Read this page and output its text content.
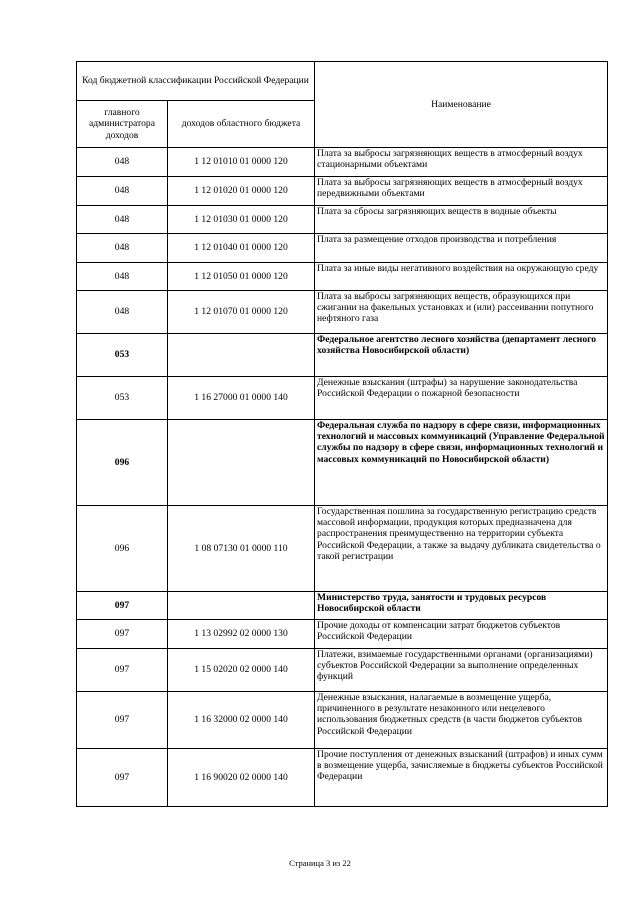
Код бюджетной классификации Российской Федерации		Наименование
главного администратора доходов	доходов областного бюджета	
048	1 12 01010 01 0000 120	Плата за выбросы загрязняющих веществ в атмосферный воздух стационарными объектами
048	1 12 01020 01 0000 120	Плата за выбросы загрязняющих веществ в атмосферный воздух передвижными объектами
048	1 12 01030 01 0000 120	Плата за сбросы загрязняющих веществ в водные объекты
048	1 12 01040 01 0000 120	Плата за размещение отходов производства и потребления
048	1 12 01050 01 0000 120	Плата за иные виды негативного воздействия на окружающую среду
048	1 12 01070 01 0000 120	Плата за выбросы загрязняющих веществ, образующихся при сжигании на факельных установках и (или) рассеивании попутного нефтяного газа
053		Федеральное агентство лесного хозяйства (департамент лесного хозяйства Новосибирской области)
053	1 16 27000 01 0000 140	Денежные взыскания (штрафы) за нарушение законодательства Российской Федерации о пожарной безопасности
096		Федеральная служба по надзору в сфере связи, информационных технологий и массовых коммуникаций (Управление Федеральной службы по надзору в сфере связи, информационных технологий и массовых коммуникаций по Новосибирской области)
096	1 08 07130 01 0000 110	Государственная пошлина за государственную регистрацию средств массовой информации, продукция которых предназначена для распространения преимущественно на территории субъекта Российской Федерации, а также за выдачу дубликата свидетельства о такой регистрации
097		Министерство труда, занятости и трудовых ресурсов Новосибирской области
097	1 13 02992 02 0000 130	Прочие доходы от компенсации затрат бюджетов субъектов Российской Федерации
097	1 15 02020 02 0000 140	Платежи, взимаемые государственными органами (организациями) субъектов Российской Федерации за выполнение определенных функций
097	1 16 32000 02 0000 140	Денежные взыскания, налагаемые в возмещение ущерба, причиненного в результате незаконного или нецелевого использования бюджетных средств (в части бюджетов субъектов Российской Федерации
097	1 16 90020 02 0000 140	Прочие поступления от денежных взысканий (штрафов) и иных сумм в возмещение ущерба, зачисляемые в бюджеты субъектов Российской Федерации
Страница 3 из 22
